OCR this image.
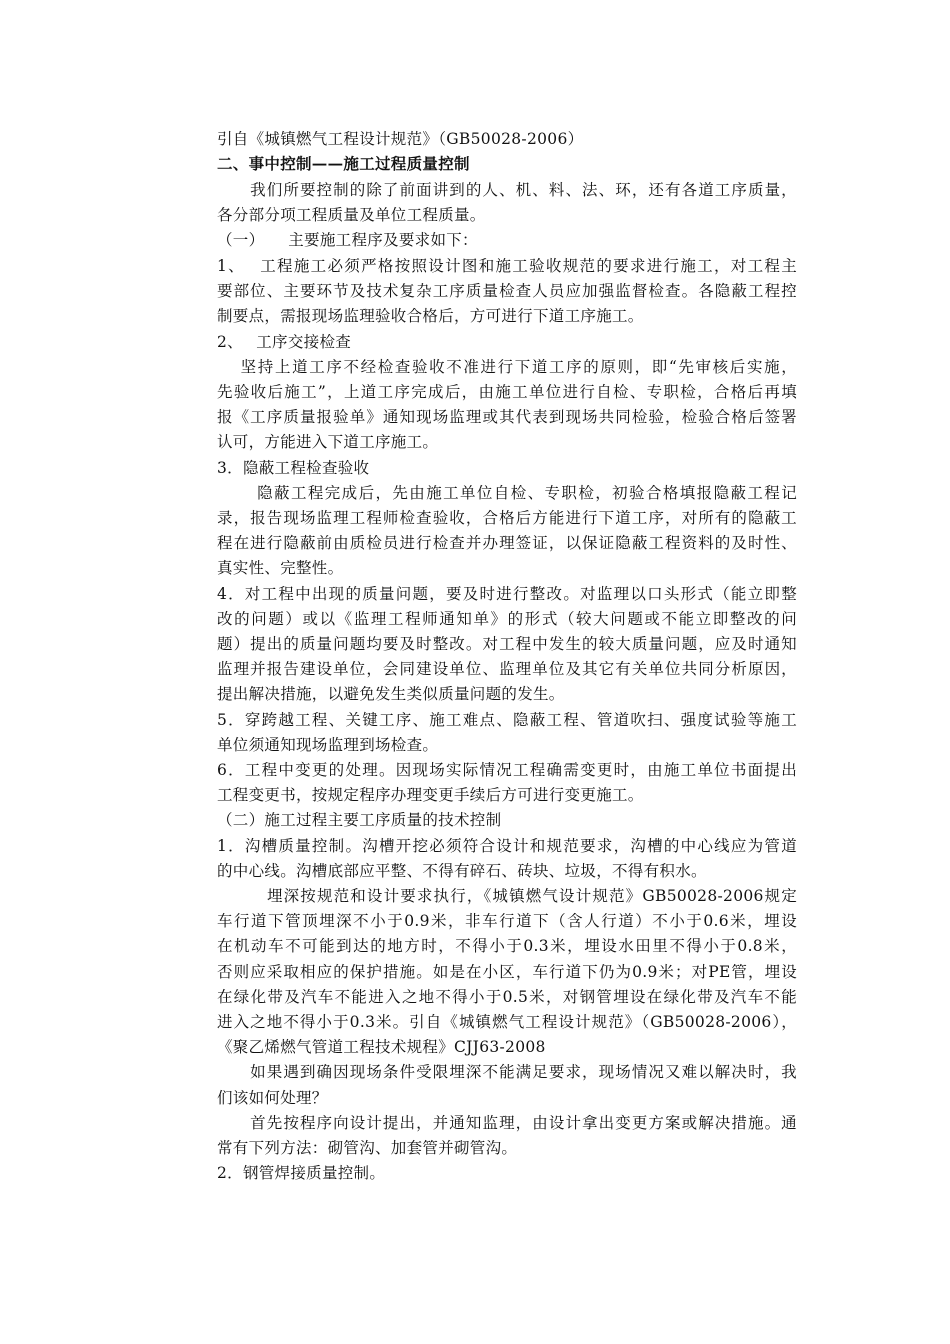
引自《城镇燃气工程设计规范》（GB50028-2006）

二、事中控制——施工过程质量控制

　　我们所要控制的除了前面讲到的人、机、料、法、环，还有各道工序质量，

各分部分项工程质量及单位工程质量。

（一）　　主要施工程序及要求如下：

1、　 工程施工必须严格按照设计图和施工验收规范的要求进行施工，对工程主

要部位、主要环节及技术复杂工序质量检查人员应加强监督检查。各隐蔽工程控

制要点，需报现场监理验收合格后，方可进行下道工序施工。

2、　 工序交接检查

　 坚持上道工序不经检查验收不准进行下道工序的原则，即“先审核后实施，

先验收后施工”，上道工序完成后，由施工单位进行自检、专职检，合格后再填

报《工序质量报验单》通知现场监理或其代表到现场共同检验，检验合格后签署

认可，方能进入下道工序施工。

3．隐蔽工程检查验收

　　 隐蔽工程完成后，先由施工单位自检、专职检，初验合格填报隐蔽工程记

录，报告现场监理工程师检查验收，合格后方能进行下道工序，对所有的隐蔽工

程在进行隐蔽前由质检员进行检查并办理签证，以保证隐蔽工程资料的及时性、

真实性、完整性。

4．对工程中出现的质量问题，要及时进行整改。对监理以口头形式（能立即整

改的问题）或以《监理工程师通知单》的形式（较大问题或不能立即整改的问

题）提出的质量问题均要及时整改。对工程中发生的较大质量问题，应及时通知

监理并报告建设单位，会同建设单位、监理单位及其它有关单位共同分析原因，

提出解决措施，以避免发生类似质量问题的发生。

5．穿跨越工程、关键工序、施工难点、隐蔽工程、管道吹扫、强度试验等施工

单位须通知现场监理到场检查。

6．工程中变更的处理。因现场实际情况工程确需变更时，由施工单位书面提出

工程变更书，按规定程序办理变更手续后方可进行变更施工。

（二）施工过程主要工序质量的技术控制

1．沟槽质量控制。沟槽开挖必须符合设计和规范要求，沟槽的中心线应为管道

的中心线。沟槽底部应平整、不得有碎石、砖块、垃圾，不得有积水。

　　　埋深按规范和设计要求执行，《城镇燃气设计规范》GB50028-2006规定

车行道下管顶埋深不小于0.9米，非车行道下（含人行道）不小于0.6米，埋设

在机动车不可能到达的地方时，不得小于0.3米，埋设水田里不得小于0.8米，

否则应采取相应的保护措施。如是在小区，车行道下仍为0.9米；对PE管，埋设

在绿化带及汽车不能进入之地不得小于0.5米，对钢管埋设在绿化带及汽车不能

进入之地不得小于0.3米。引自《城镇燃气工程设计规范》（GB50028-2006），

《聚乙烯燃气管道工程技术规程》CJJ63-2008

　　如果遇到确因现场条件受限埋深不能满足要求，现场情况又难以解决时，我

们该如何处理？

　　首先按程序向设计提出，并通知监理，由设计拿出变更方案或解决措施。通

常有下列方法：砌管沟、加套管并砌管沟。

2．钢管焊接质量控制。
